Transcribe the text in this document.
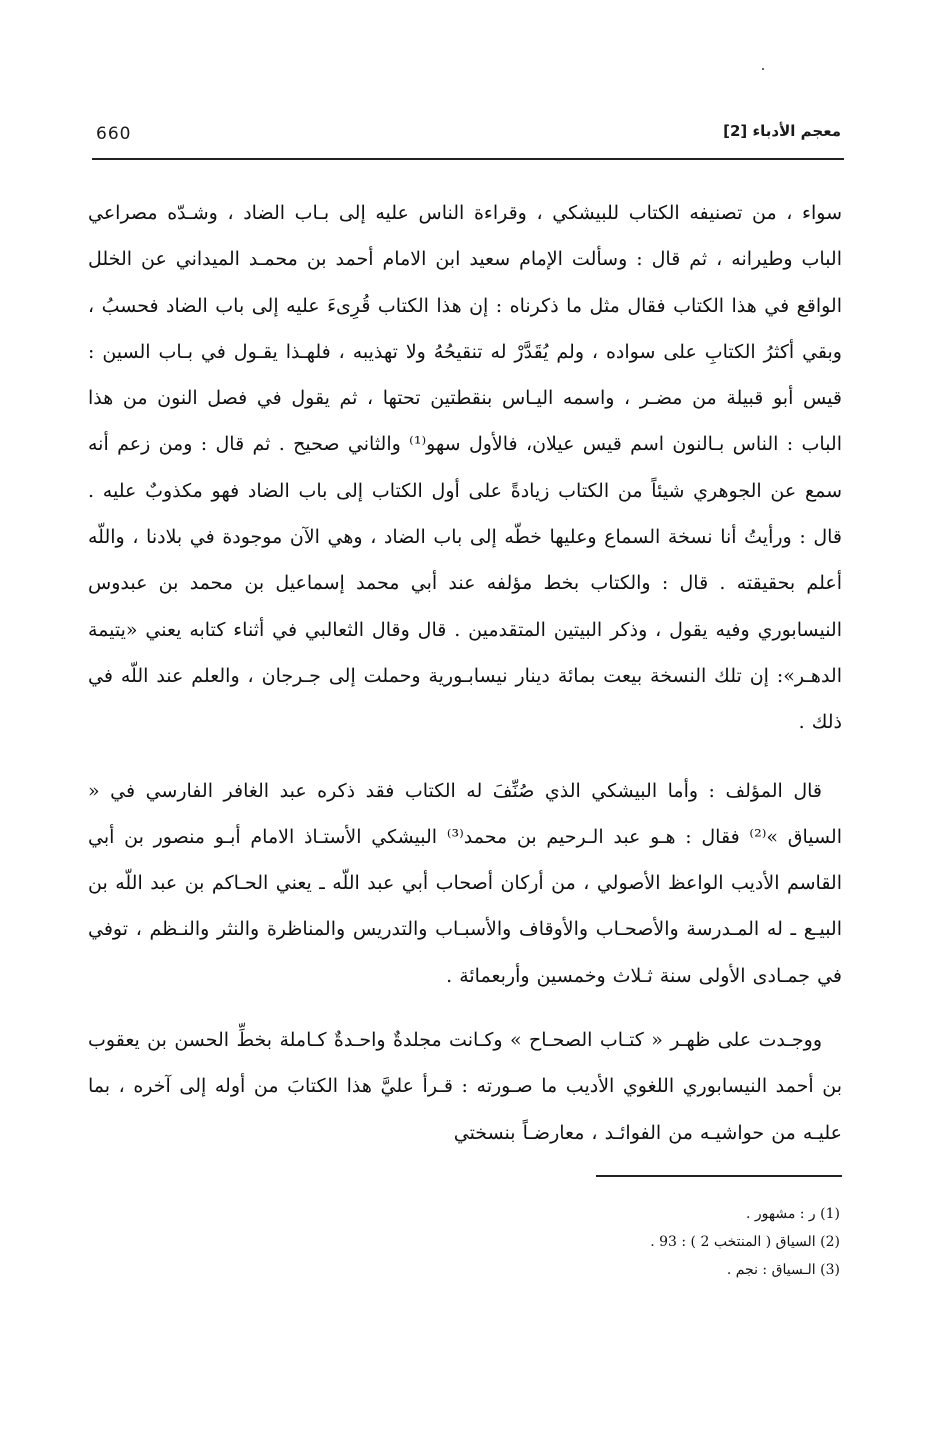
660	معجم الأدباء [2]

سواء ، من تصنيفه الكتاب للبيشكي ، وقراءة الناس عليه إلى بـاب الضاد ، وشـدّه مصراعي الباب وطيرانه ، ثم قال : وسألت الإمام سعيد ابن الامام أحمد بن محمـد الميداني عن الخلل الواقع في هذا الكتاب فقال مثل ما ذكرناه : إن هذا الكتاب قُرِىءَ عليه إلى باب الضاد فحسبُ ، وبقي أكثرُ الكتابِ على سواده ، ولم يُقَدَّرْ له تنقيحُهُ ولا تهذيبه ، فلهـذا يقـول في بـاب السين : قيس أبو قبيلة من مضـر ، واسمه اليـاس بنقطتين تحتها ، ثم يقول في فصل النون من هذا الباب : الناس بـالنون اسم قيس عيلان، فالأول سهو⁽¹⁾ والثاني صحيح . ثم قال : ومن زعم أنه سمع عن الجوهري شيئاً من الكتاب زيادةً على أول الكتاب إلى باب الضاد فهو مكذوبٌ عليه . قال : ورأيتُ أنا نسخة السماع وعليها خطّه إلى باب الضاد ، وهي الآن موجودة في بلادنا ، واللّه أعلم بحقيقته . قال : والكتاب بخط مؤلفه عند أبي محمد إسماعيل بن محمد بن عبدوس النيسابوري وفيه يقول ، وذكر البيتين المتقدمين . قال وقال الثعالبي في أثناء كتابه يعني «يتيمة الدهـر»: إن تلك النسخة بيعت بمائة دينار نيسابـورية وحملت إلى جـرجان ، والعلم عند اللّه في ذلك .

قال المؤلف : وأما البيشكي الذي صُنِّفَ له الكتاب فقد ذكره عبد الغافر الفارسي في « السياق »⁽²⁾ فقال : هـو عبد الـرحيم بن محمد⁽³⁾ البيشكي الأستـاذ الامام أبـو منصور بن أبي القاسم الأديب الواعظ الأصولي ، من أركان أصحاب أبي عبد اللّه ـ يعني الحـاكم بن عبد اللّه بن البيـع ـ له المـدرسة والأصحـاب والأوقاف والأسبـاب والتدريس والمناظرة والنثر والنـظم ، توفي في جمـادى الأولى سنة ثـلاث وخمسين وأربعمائة .

ووجـدت على ظهـر « كتـاب الصحـاح » وكـانت مجلدةٌ واحـدةٌ كـاملة بخطِّ الحسن بن يعقوب بن أحمد النيسابوري اللغوي الأديب ما صـورته : قـرأ عليَّ هذا الكتابَ من أوله إلى آخره ، بما عليـه من حواشيـه من الفوائـد ، معارضـاً بنسختي

(1) ر : مشهور .
(2) السياق ( المنتخب 2 ) : 93 .
(3) الـسياق : نجم .
